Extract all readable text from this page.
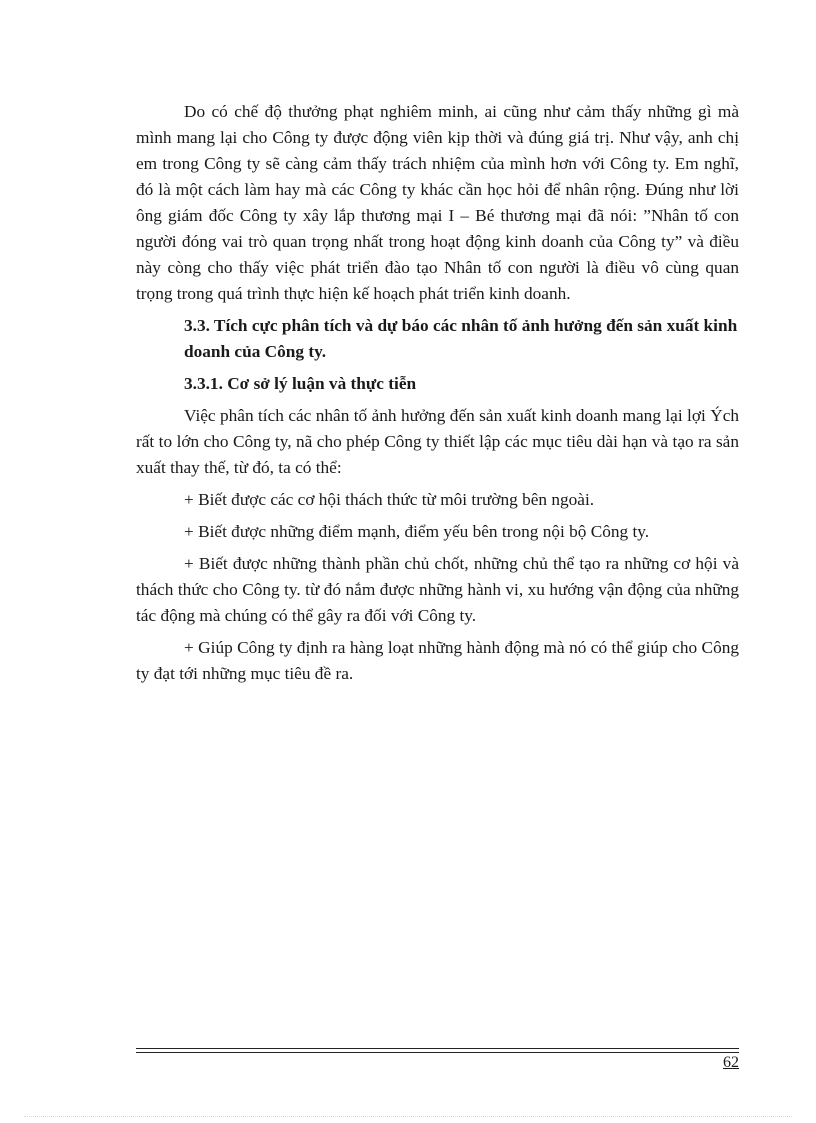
Do có chế độ thưởng phạt nghiêm minh, ai cũng như cảm thấy những gì mà mình mang lại cho Công ty được động viên kịp thời và đúng giá trị. Như vậy, anh chị em trong Công ty sẽ càng cảm thấy trách nhiệm của mình hơn với Công ty. Em nghĩ, đó là một cách làm hay mà các Công ty khác cần học hỏi để nhân rộng. Đúng như lời ông giám đốc Công ty xây lắp thương mại I – Bé thương mại đã nói: ”Nhân tố con người đóng vai trò quan trọng nhất trong hoạt động kinh doanh của Công ty” và điều này còng cho thấy việc phát triển đào tạo Nhân tố con người là điều vô cùng quan trọng trong quá trình thực hiện kế hoạch phát triển kinh doanh.

3.3. Tích cực phân tích và dự báo các nhân tố ảnh hưởng đến sản xuất kinh doanh của Công ty.

3.3.1. Cơ sở lý luận và thực tiễn

Việc phân tích các nhân tố ảnh hưởng đến sản xuất kinh doanh mang lại lợi Ých rất to lớn cho Công ty, nã cho phép Công ty thiết lập các mục tiêu dài hạn và tạo ra sản xuất thay thế, từ đó, ta có thể:

+ Biết được các cơ hội thách thức từ môi trường bên ngoài.

+ Biết được những điểm mạnh, điểm yếu bên trong nội bộ Công ty.

+ Biết được những thành phần chủ chốt, những chủ thể tạo ra những cơ hội và thách thức cho Công ty. từ đó nắm được những hành vi, xu hướng vận động của những tác động mà chúng có thể gây ra đối với Công ty.

+ Giúp Công ty định ra hàng loạt những hành động mà nó có thể giúp cho Công ty đạt tới những mục tiêu đề ra.

62
